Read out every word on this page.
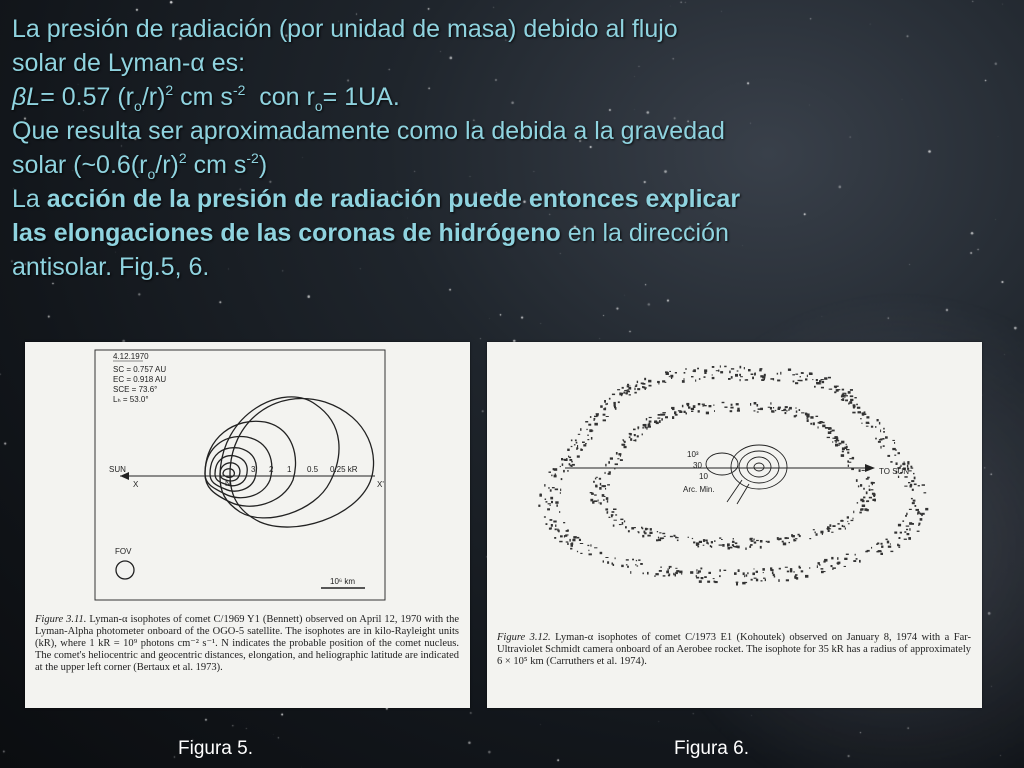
La presión de radiación (por unidad de masa) debido al flujo
solar de Lyman-α es:
βL= 0.57 $(r_o/r)^2$ cm $s^{-2}$  con $r_o= 1UA$.
Que resulta ser aproximadamente como la debida a la gravedad
solar ($\sim 0.6(r_o/r)^2$ cm $s^{-2}$)
La acción de la presión de radiación puede entonces explicar
las elongaciones de las coronas de hidrógeno en la dirección
antisolar. Fig.5, 6.
4.12.1970
SC = 0.757 AU
EC = 0.918 AU
SCE = 73.6°
Lₕ = 53.0°
SUN
X	X'
N
3 2 1 0.5 0.25 kR
FOV
10⁶ km
Figure 3.11. Lyman-α isophotes of comet C/1969 Y1 (Bennett) observed on April 12, 1970 with the Lyman-Alpha photometer onboard of the OGO-5 satellite. The isophotes are in kilo-Rayleight units (kR), where 1 kR = 10⁹ photons cm⁻² s⁻¹. N indicates the probable position of the comet nucleus. The comet's heliocentric and geocentric distances, elongation, and heliographic latitude are indicated at the upper left corner (Bertaux et al. 1973).
TO SUN
10³
30
10
Arc. Min.
Figure 3.12. Lyman-α isophotes of comet C/1973 E1 (Kohoutek) observed on January 8, 1974 with a Far-Ultraviolet Schmidt camera onboard of an Aerobee rocket. The isophote for 35 kR has a radius of approximately 6 × 10⁵ km (Carruthers et al. 1974).
Figura 5.	Figura 6.
